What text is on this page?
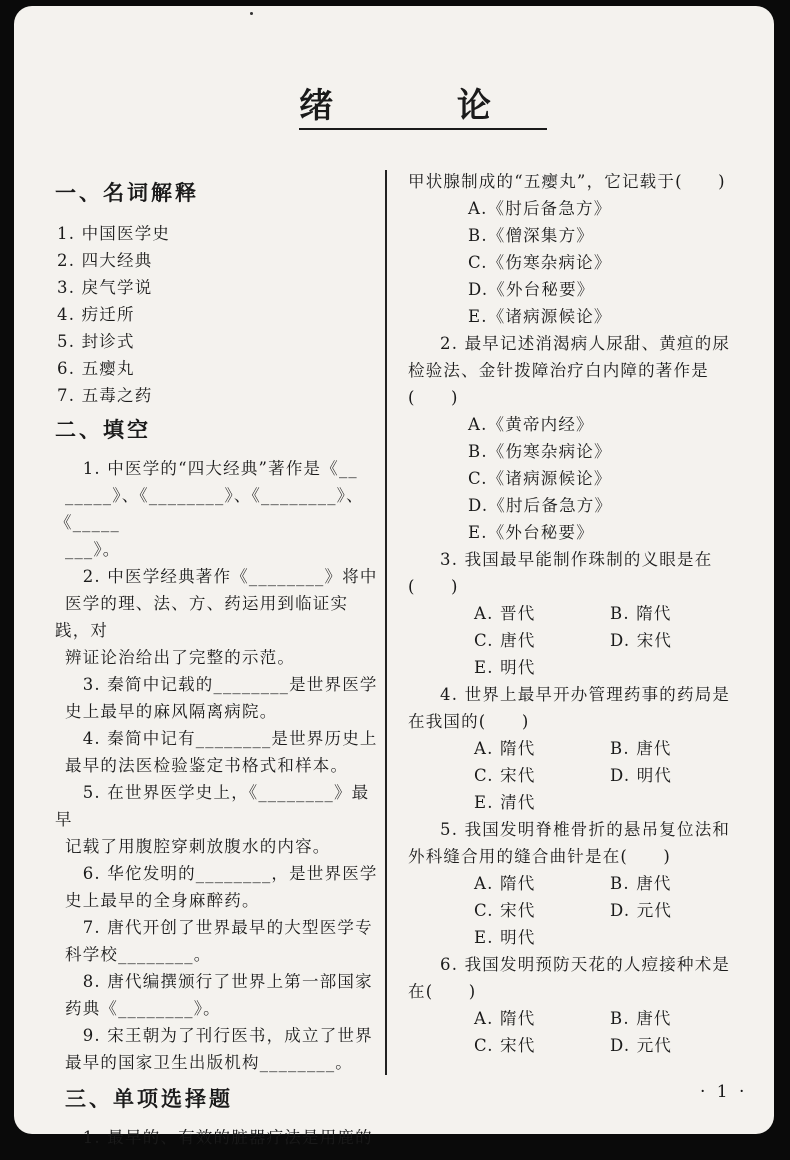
绪 论
一、名词解释

1. 中国医学史

2. 四大经典

3. 戾气学说

4. 疠迁所

5. 封诊式

6. 五瘿丸

7. 五毒之药

二、填空

　1. 中医学的“四大经典”著作是《__

_____》、《________》、《________》、《_____

___》。

　2. 中医学经典著作《________》将中

医学的理、法、方、药运用到临证实践，对

辨证论治给出了完整的示范。

　3. 秦简中记载的________是世界医学

史上最早的麻风隔离病院。

　4. 秦简中记有________是世界历史上

最早的法医检验鉴定书格式和样本。

　5. 在世界医学史上，《________》最早

记载了用腹腔穿刺放腹水的内容。

　6. 华佗发明的________，是世界医学

史上最早的全身麻醉药。

　7. 唐代开创了世界最早的大型医学专

科学校________。

　8. 唐代编撰颁行了世界上第一部国家

药典《________》。

　9. 宋王朝为了刊行医书，成立了世界

最早的国家卫生出版机构________。

三、单项选择题

　1. 最早的、有效的脏器疗法是用鹿的

甲状腺制成的“五瘿丸”，它记载于(　　)

A.《肘后备急方》

B.《僧深集方》

C.《伤寒杂病论》

D.《外台秘要》

E.《诸病源候论》

2. 最早记述消渴病人尿甜、黄疸的尿

检验法、金针拨障治疗白内障的著作是

(　　)

A.《黄帝内经》

B.《伤寒杂病论》

C.《诸病源候论》

D.《肘后备急方》

E.《外台秘要》

3. 我国最早能制作珠制的义眼是在

(　　)

A. 晋代	B. 隋代
C. 唐代	D. 宋代
E. 明代

4. 世界上最早开办管理药事的药局是

在我国的(　　)

A. 隋代	B. 唐代
C. 宋代	D. 明代
E. 清代

5. 我国发明脊椎骨折的悬吊复位法和

外科缝合用的缝合曲针是在(　　)

A. 隋代	B. 唐代
C. 宋代	D. 元代
E. 明代

6. 我国发明预防天花的人痘接种术是

在(　　)

A. 隋代	B. 唐代
C. 宋代	D. 元代
· 1 ·
